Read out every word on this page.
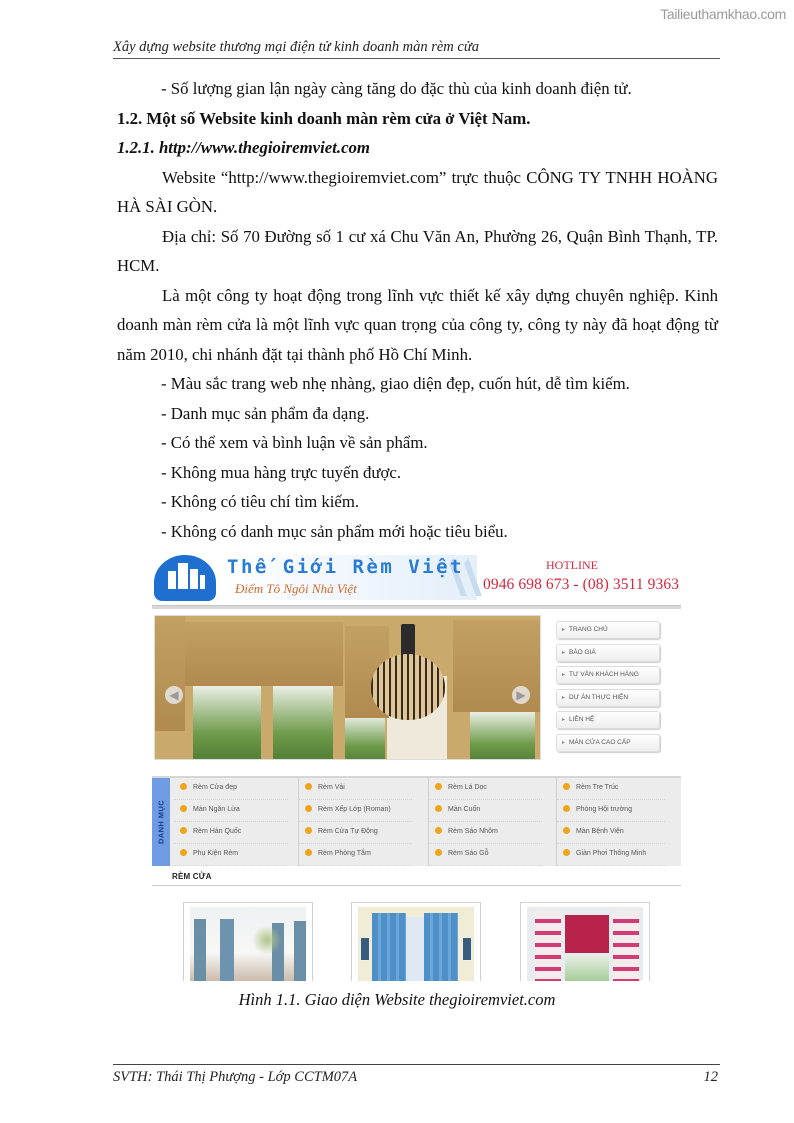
Tailieuthamkhao.com
Xây dựng website thương mại điện tử kinh doanh màn rèm cửa
- Số lượng gian lận ngày càng tăng do đặc thù của kinh doanh điện tử.
1.2. Một số Website kinh doanh màn rèm cửa ở Việt Nam.
1.2.1. http://www.thegioiremviet.com
Website “http://www.thegioiremviet.com” trực thuộc CÔNG TY TNHH HOÀNG HÀ SÀI GÒN.
Địa chỉ: Số 70 Đường số 1 cư xá Chu Văn An, Phường 26, Quận Bình Thạnh, TP. HCM.
Là một công ty hoạt động trong lĩnh vực thiết kế xây dựng chuyên nghiệp. Kinh doanh màn rèm cửa là một lĩnh vực quan trọng của công ty, công ty này đã hoạt động từ năm 2010, chi nhánh đặt tại thành phố Hồ Chí Minh.
- Màu sắc trang web nhẹ nhàng, giao diện đẹp, cuốn hút, dễ tìm kiếm.
- Danh mục sản phẩm đa dạng.
- Có thể xem và bình luận về sản phẩm.
- Không mua hàng trực tuyến được.
- Không có tiêu chí tìm kiếm.
- Không có danh mục sản phẩm mới hoặc tiêu biểu.
Thế Giới Rèm Việt
Điểm Tô Ngôi Nhà Việt
HOTLINE
0946 698 673 - (08) 3511 9363
◀	▶
▸ TRANG CHỦ
▸ BÁO GIÁ
▸ TƯ VẤN KHÁCH HÀNG
▸ DỰ ÁN THỰC HIỆN
▸ LIÊN HỆ
▸ MÀN CỬA CAO CẤP
DANH MỤC
Rèm Cửa đẹp
Màn Ngăn Lửa
Rèm Hàn Quốc
Phụ Kiện Rèm
Rèm Vải
Rèm Xếp Lớp (Roman)
Rèm Cửa Tự Động
Rèm Phòng Tắm
Rèm Lá Dọc
Màn Cuốn
Rèm Sáo Nhôm
Rèm Sáo Gỗ
Rèm Tre Trúc
Phòng Hội trường
Màn Bệnh Viện
Giàn Phơi Thông Minh
RÈM CỬA
Hình 1.1. Giao diện Website thegioiremviet.com
SVTH: Thái Thị Phượng - Lớp CCTM07A	12
